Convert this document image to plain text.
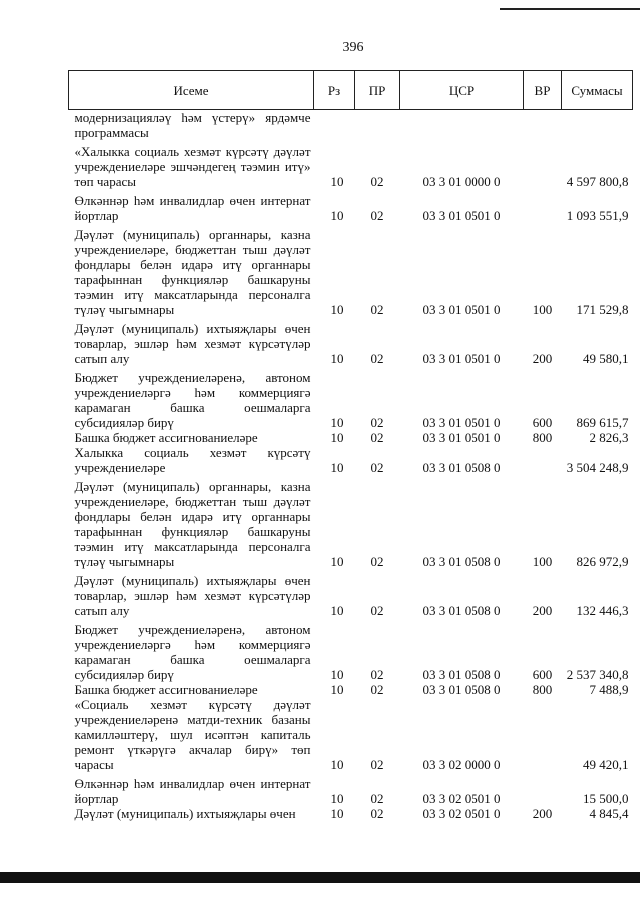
396
Исеме	Рз	ПР	ЦСР	ВР	Суммасы
модернизацияләү һәм үстерү» ярдәмче программасы					

«Халыкка социаль хезмәт күрсәтү дәүләт учреждениеләре эшчәндегең тәэмин итү» төп чарасы	10	02	03 3 01 0000 0		4 597 800,8

Өлкәннәр һәм инвалидлар өчен интернат йортлар	10	02	03 3 01 0501 0		1 093 551,9

Дәүләт (муниципаль) органнары, казна учреждениеләре, бюджеттан тыш дәүләт фондлары белән идарә итү органнары тарафыннан функцияләр башкаруны тәэмин итү максатларында персоналга түләү чыгымнары	10	02	03 3 01 0501 0	100	171 529,8

Дәүләт (муниципаль) ихтыяҗлары өчен товарлар, эшләр һәм хезмәт күрсәтүләр сатып алу	10	02	03 3 01 0501 0	200	49 580,1

Бюджет учреждениеләренә, автоном учреждениеләргә һәм коммерциягә карамаган башка оешмаларга субсидияләр бирү	10	02	03 3 01 0501 0	600	869 615,7
Башка бюджет ассигнованиеләре	10	02	03 3 01 0501 0	800	2 826,3
Халыкка социаль хезмәт күрсәтү учреждениеләре	10	02	03 3 01 0508 0		3 504 248,9

Дәүләт (муниципаль) органнары, казна учреждениеләре, бюджеттан тыш дәүләт фондлары белән идарә итү органнары тарафыннан функцияләр башкаруны тәэмин итү максатларында персоналга түләү чыгымнары	10	02	03 3 01 0508 0	100	826 972,9

Дәүләт (муниципаль) ихтыяҗлары өчен товарлар, эшләр һәм хезмәт күрсәтүләр сатып алу	10	02	03 3 01 0508 0	200	132 446,3

Бюджет учреждениеләренә, автоном учреждениеләргә һәм коммерциягә карамаган башка оешмаларга субсидияләр бирү	10	02	03 3 01 0508 0	600	2 537 340,8
Башка бюджет ассигнованиеләре	10	02	03 3 01 0508 0	800	7 488,9
«Социаль хезмәт күрсәтү дәүләт учреждениеләренә матди-техник базаны камилләштерү, шул исәптән капиталь ремонт үткәрүгә акчалар бирү» төп чарасы	10	02	03 3 02 0000 0		49 420,1

Өлкәннәр һәм инвалидлар өчен интернат йортлар	10	02	03 3 02 0501 0		15 500,0
Дәүләт (муниципаль) ихтыяҗлары өчен	10	02	03 3 02 0501 0	200	4 845,4
